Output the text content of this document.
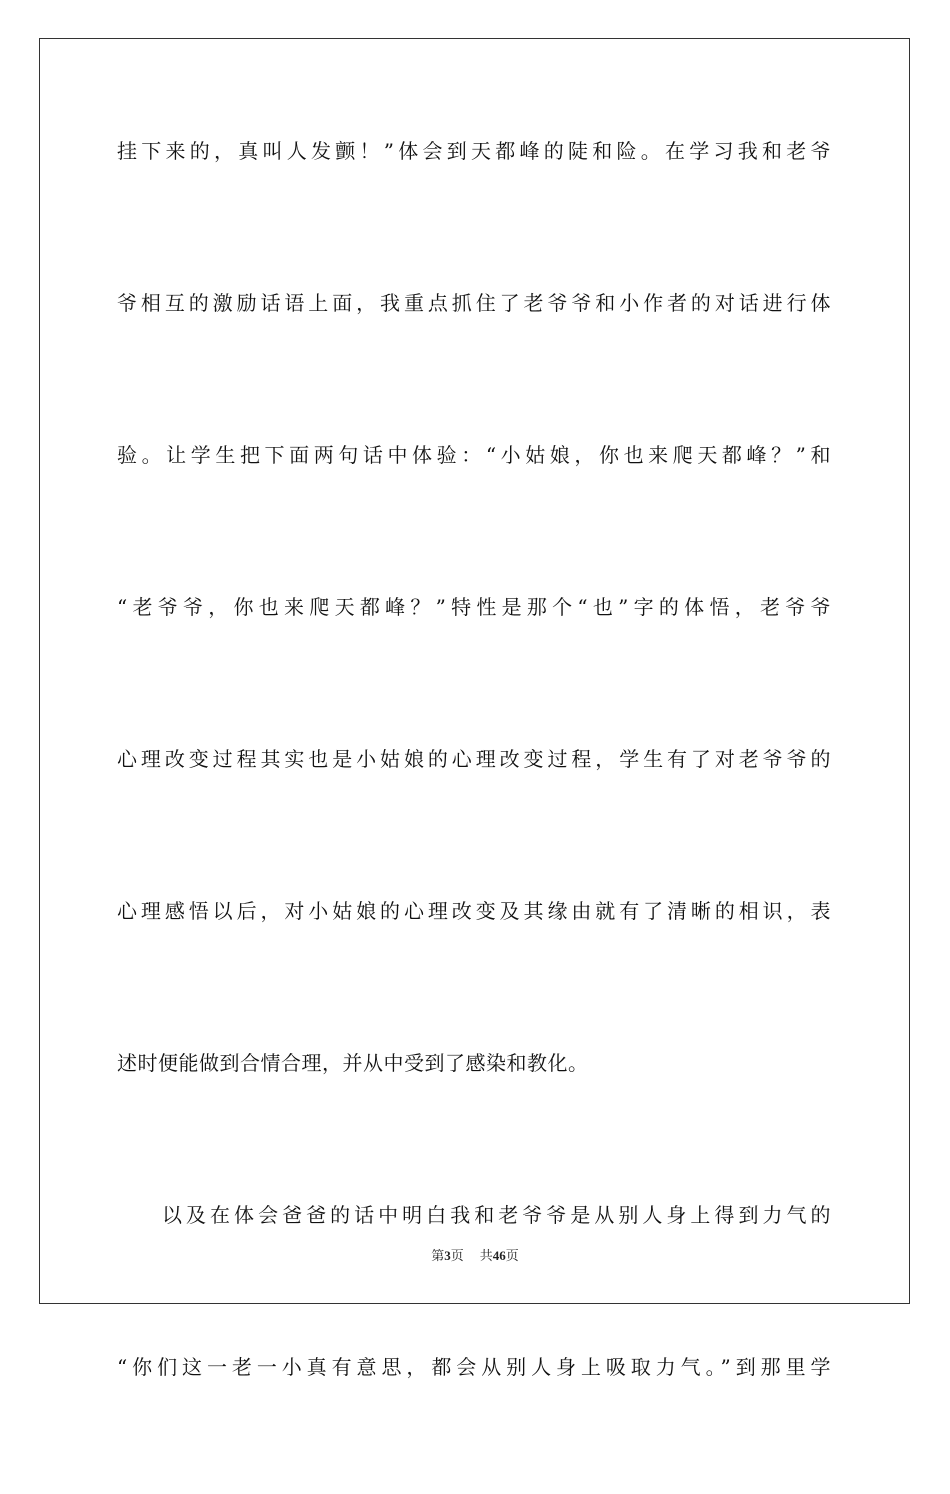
挂下来的，真叫人发颤！”体会到天都峰的陡和险。在学习我和老爷
爷相互的激励话语上面，我重点抓住了老爷爷和小作者的对话进行体
验。让学生把下面两句话中体验：“小姑娘，你也来爬天都峰？”和
“老爷爷，你也来爬天都峰？”特性是那个“也”字的体悟，老爷爷
心理改变过程其实也是小姑娘的心理改变过程，学生有了对老爷爷的
心理感悟以后，对小姑娘的心理改变及其缘由就有了清晰的相识，表
述时便能做到合情合理，并从中受到了感染和教化。
以及在体会爸爸的话中明白我和老爷爷是从别人身上得到力气的
“你们这一老一小真有意思，都会从别人身上吸取力气。”到那里学
第3页 共46页
